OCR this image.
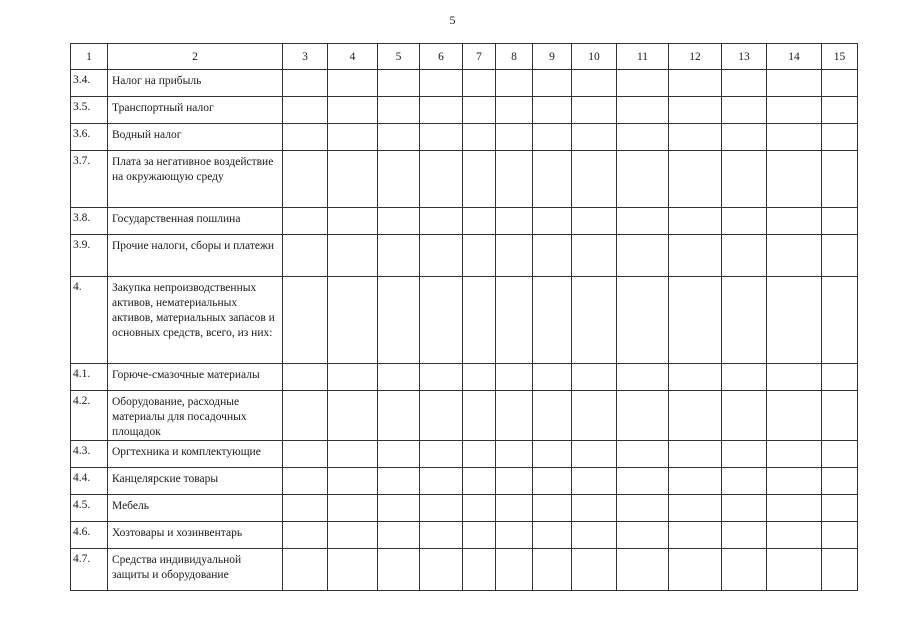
5
1	2	3	4	5	6	7	8	9	10	11	12	13	14	15
3.4.	Налог на прибыль													
3.5.	Транспортный налог													
3.6.	Водный налог													
3.7.	Плата за негативное воздействие на окружающую среду													
3.8.	Государственная пошлина													
3.9.	Прочие налоги, сборы и платежи													
4.	Закупка непроизводственных активов, нематериальных активов, материальных запасов и основных средств, всего, из них:													
4.1.	Горюче-смазочные материалы													
4.2.	Оборудование, расходные материалы для посадочных площадок													
4.3.	Оргтехника и комплектующие													
4.4.	Канцелярские товары													
4.5.	Мебель													
4.6.	Хозтовары и хозинвентарь													
4.7.	Средства индивидуальной защиты и оборудование													
